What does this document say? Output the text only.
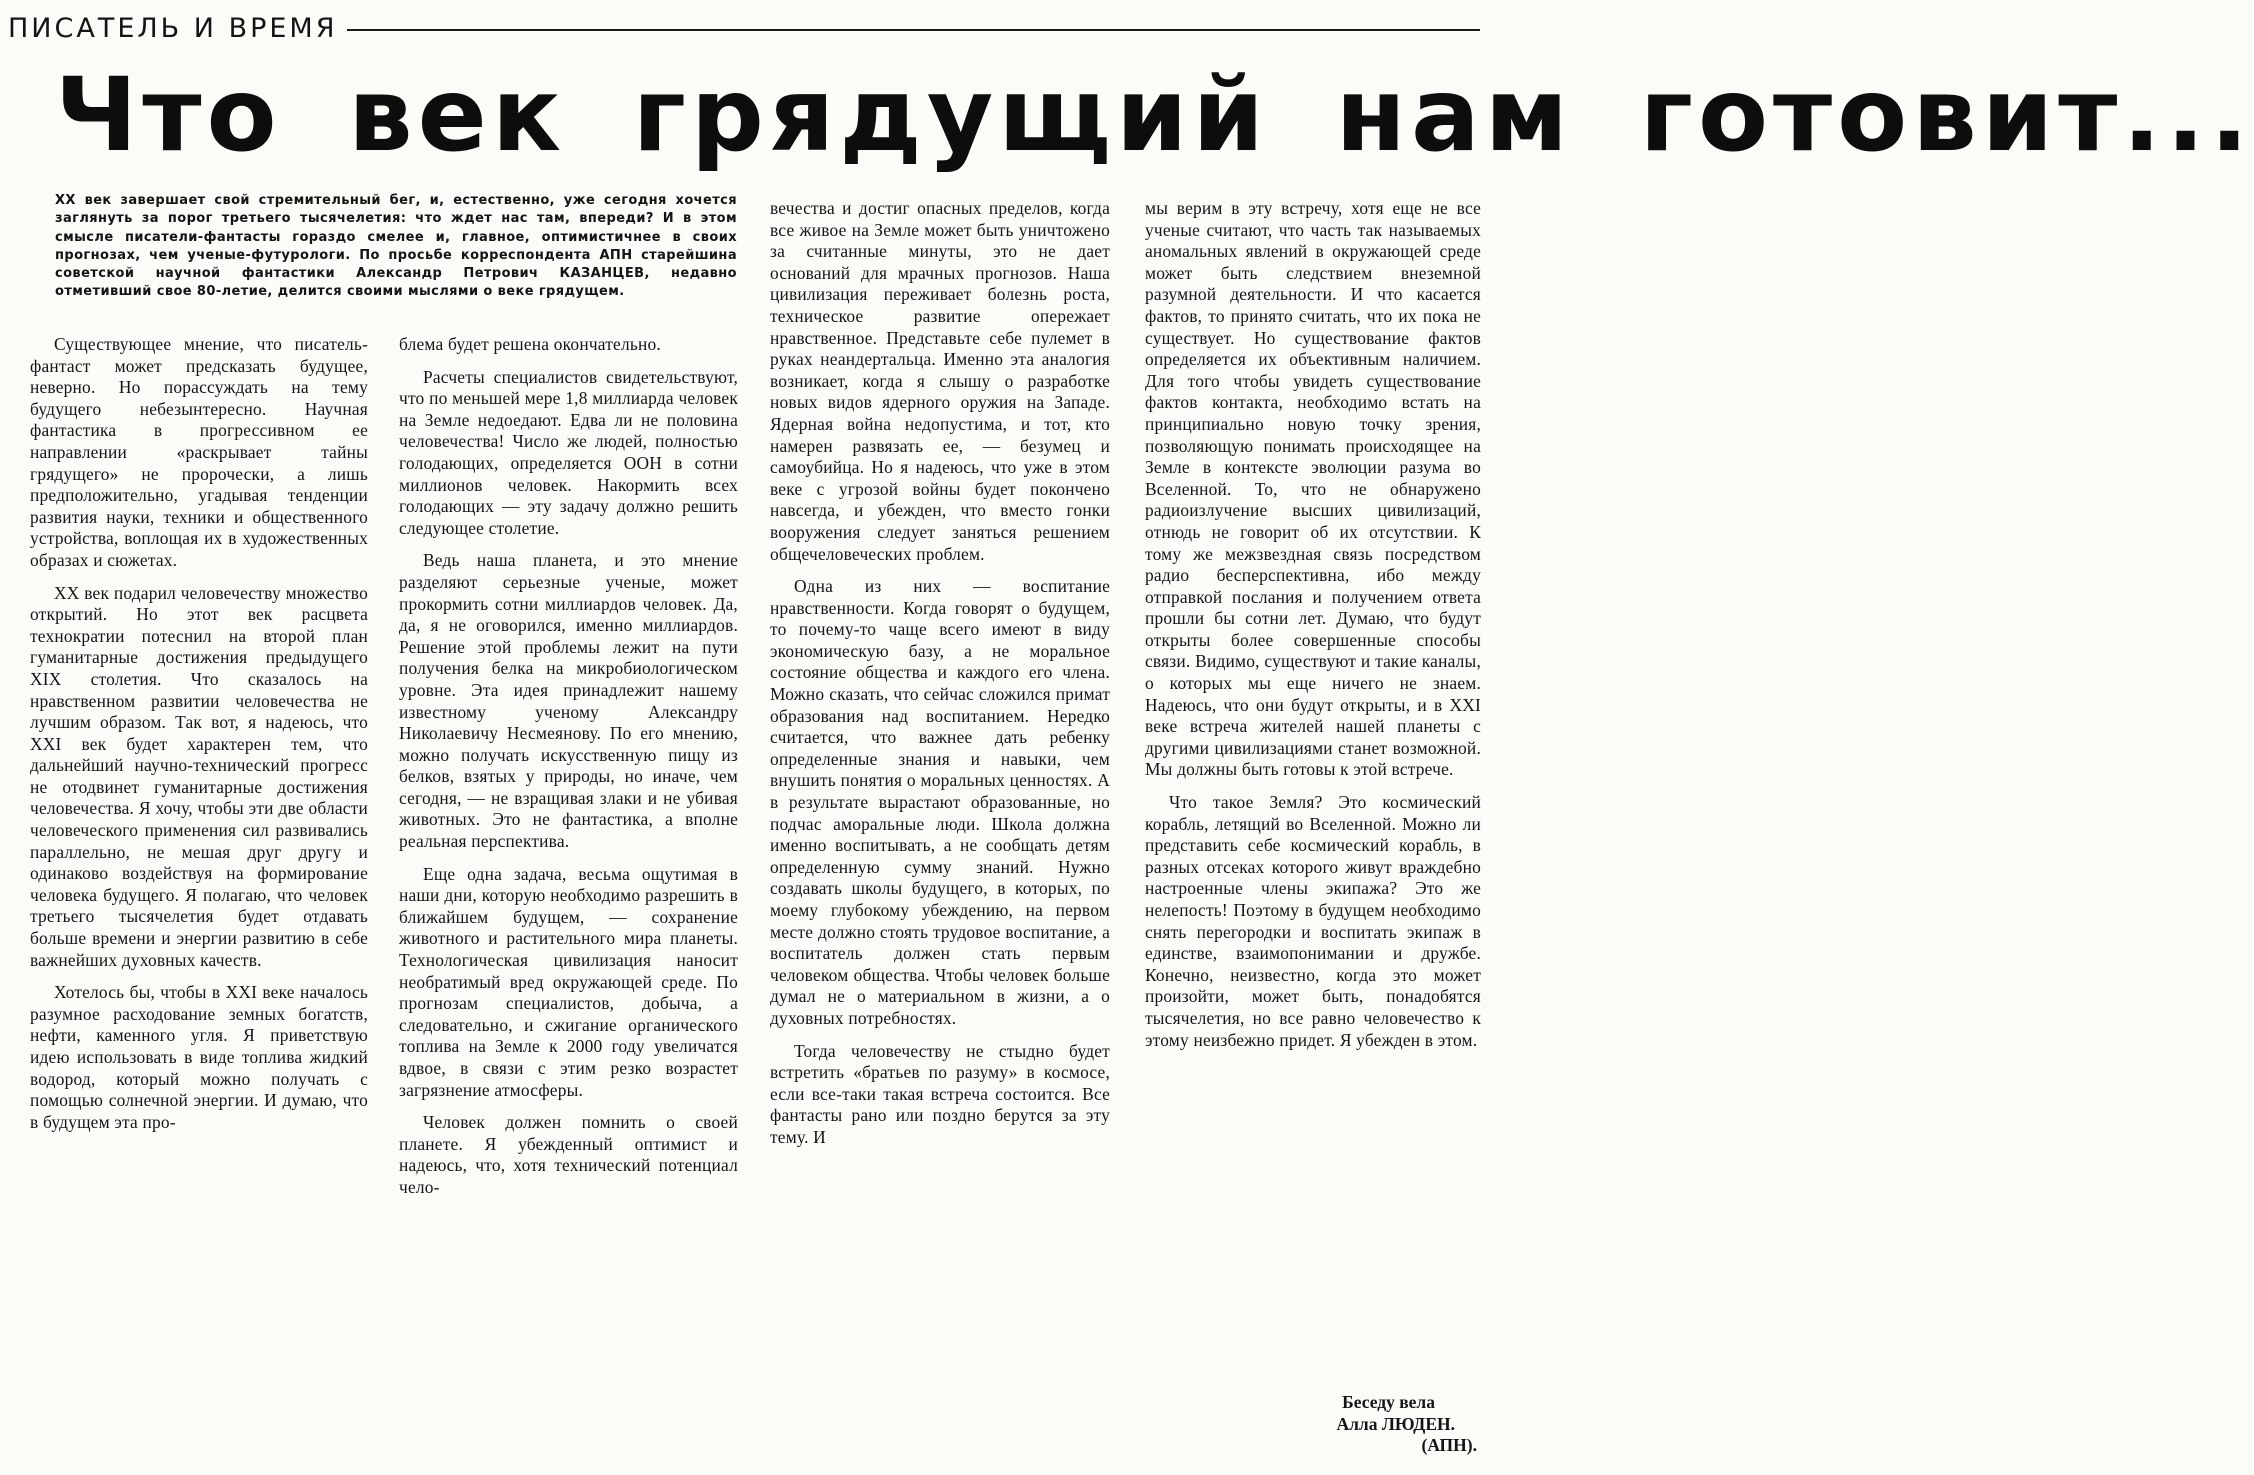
ПИСАТЕЛЬ И ВРЕМЯ
Что век грядущий нам готовит...

XX век завершает свой стремительный бег, и, естественно, уже сегодня хочется заглянуть за порог третьего тысячелетия: что ждет нас там, впереди? И в этом смысле писатели-фантасты гораздо смелее и, главное, оптимистичнее в своих прогнозах, чем ученые-футурологи. По просьбе корреспондента АПН старейшина советской научной фантастики Александр Петрович КАЗАНЦЕВ, недавно отметивший свое 80-летие, делится своими мыслями о веке грядущем.

Существующее мнение, что писатель-фантаст может предсказать будущее, неверно. Но порассуждать на тему будущего небезынтересно. Научная фантастика в прогрессивном ее направлении «раскрывает тайны грядущего» не пророчески, а лишь предположительно, угадывая тенденции развития науки, техники и общественного устройства, воплощая их в художественных образах и сюжетах.

XX век подарил человечеству множество открытий. Но этот век расцвета технократии потеснил на второй план гуманитарные достижения предыдущего XIX столетия. Что сказалось на нравственном развитии человечества не лучшим образом. Так вот, я надеюсь, что XXI век будет характерен тем, что дальнейший научно-технический прогресс не отодвинет гуманитарные достижения человечества. Я хочу, чтобы эти две области человеческого применения сил развивались параллельно, не мешая друг другу и одинаково воздействуя на формирование человека будущего. Я полагаю, что человек третьего тысячелетия будет отдавать больше времени и энергии развитию в себе важнейших духовных качеств.

Хотелось бы, чтобы в XXI веке началось разумное расходование земных богатств, нефти, каменного угля. Я приветствую идею использовать в виде топлива жидкий водород, который можно получать с помощью солнечной энергии. И думаю, что в будущем эта про-

блема будет решена окончательно.

Расчеты специалистов свидетельствуют, что по меньшей мере 1,8 миллиарда человек на Земле недоедают. Едва ли не половина человечества! Число же людей, полностью голодающих, определяется ООН в сотни миллионов человек. Накормить всех голодающих — эту задачу должно решить следующее столетие.

Ведь наша планета, и это мнение разделяют серьезные ученые, может прокормить сотни миллиардов человек. Да, да, я не оговорился, именно миллиардов. Решение этой проблемы лежит на пути получения белка на микробиологическом уровне. Эта идея принадлежит нашему известному ученому Александру Николаевичу Несмеянову. По его мнению, можно получать искусственную пищу из белков, взятых у природы, но иначе, чем сегодня, — не взращивая злаки и не убивая животных. Это не фантастика, а вполне реальная перспектива.

Еще одна задача, весьма ощутимая в наши дни, которую необходимо разрешить в ближайшем будущем, — сохранение животного и растительного мира планеты. Технологическая цивилизация наносит необратимый вред окружающей среде. По прогнозам специалистов, добыча, а следовательно, и сжигание органического топлива на Земле к 2000 году увеличатся вдвое, в связи с этим резко возрастет загрязнение атмосферы.

Человек должен помнить о своей планете. Я убежденный оптимист и надеюсь, что, хотя технический потенциал чело-

вечества и достиг опасных пределов, когда все живое на Земле может быть уничтожено за считанные минуты, это не дает оснований для мрачных прогнозов. Наша цивилизация переживает болезнь роста, техническое развитие опережает нравственное. Представьте себе пулемет в руках неандертальца. Именно эта аналогия возникает, когда я слышу о разработке новых видов ядерного оружия на Западе. Ядерная война недопустима, и тот, кто намерен развязать ее, — безумец и самоубийца. Но я надеюсь, что уже в этом веке с угрозой войны будет покончено навсегда, и убежден, что вместо гонки вооружения следует заняться решением общечеловеческих проблем.

Одна из них — воспитание нравственности. Когда говорят о будущем, то почему-то чаще всего имеют в виду экономическую базу, а не моральное состояние общества и каждого его члена. Можно сказать, что сейчас сложился примат образования над воспитанием. Нередко считается, что важнее дать ребенку определенные знания и навыки, чем внушить понятия о моральных ценностях. А в результате вырастают образованные, но подчас аморальные люди. Школа должна именно воспитывать, а не сообщать детям определенную сумму знаний. Нужно создавать школы будущего, в которых, по моему глубокому убеждению, на первом месте должно стоять трудовое воспитание, а воспитатель должен стать первым человеком общества. Чтобы человек больше думал не о материальном в жизни, а о духовных потребностях.

Тогда человечеству не стыдно будет встретить «братьев по разуму» в космосе, если все-таки такая встреча состоится. Все фантасты рано или поздно берутся за эту тему. И

мы верим в эту встречу, хотя еще не все ученые считают, что часть так называемых аномальных явлений в окружающей среде может быть следствием внеземной разумной деятельности. И что касается фактов, то принято считать, что их пока не существует. Но существование фактов определяется их объективным наличием. Для того чтобы увидеть существование фактов контакта, необходимо встать на принципиально новую точку зрения, позволяющую понимать происходящее на Земле в контексте эволюции разума во Вселенной. То, что не обнаружено радиоизлучение высших цивилизаций, отнюдь не говорит об их отсутствии. К тому же межзвездная связь посредством радио бесперспективна, ибо между отправкой послания и получением ответа прошли бы сотни лет. Думаю, что будут открыты более совершенные способы связи. Видимо, существуют и такие каналы, о которых мы еще ничего не знаем. Надеюсь, что они будут открыты, и в XXI веке встреча жителей нашей планеты с другими цивилизациями станет возможной. Мы должны быть готовы к этой встрече.

Что такое Земля? Это космический корабль, летящий во Вселенной. Можно ли представить себе космический корабль, в разных отсеках которого живут враждебно настроенные члены экипажа? Это же нелепость! Поэтому в будущем необходимо снять перегородки и воспитать экипаж в единстве, взаимопонимании и дружбе. Конечно, неизвестно, когда это может произойти, может быть, понадобятся тысячелетия, но все равно человечество к этому неизбежно придет. Я убежден в этом.

Беседу вела
Алла ЛЮДЕН.
(АПН).
